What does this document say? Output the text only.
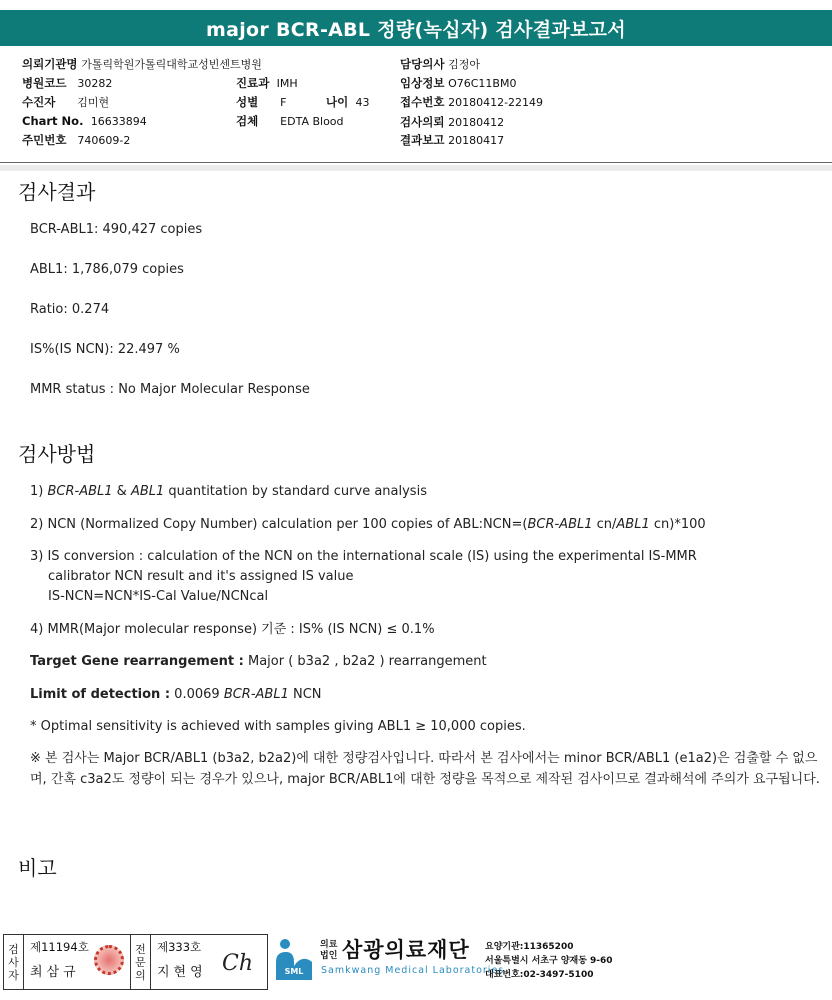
major BCR-ABL 정량(녹십자) 검사결과보고서
의뢰기관명 가톨릭학원가톨릭대학교성빈센트병원	담당의사 김정아
병원코드 30282	진료과 IMH	임상정보 O76C11BM0
수진자 김미현	성별 F	나이 43	접수번호 20180412-22149
Chart No. 16633894	검체 EDTA Blood	검사의뢰 20180412
주민번호 740609-2	결과보고 20180417
검사결과
BCR-ABL1: 490,427 copies
ABL1: 1,786,079 copies
Ratio: 0.274
IS%(IS NCN): 22.497 %
MMR status : No Major Molecular Response
검사방법
1) BCR-ABL1 & ABL1 quantitation by standard curve analysis
2) NCN (Normalized Copy Number) calculation per 100 copies of ABL:NCN=(BCR-ABL1 cn/ABL1 cn)*100
3) IS conversion : calculation of the NCN on the international scale (IS) using the experimental IS-MMR
calibrator NCN result and it's assigned IS value
IS-NCN=NCN*IS-Cal Value/NCNcal
4) MMR(Major molecular response) 기준 : IS% (IS NCN) ≤ 0.1%
Target Gene rearrangement : Major ( b3a2 , b2a2 ) rearrangement
Limit of detection : 0.0069 BCR-ABL1 NCN
* Optimal sensitivity is achieved with samples giving ABL1 ≥ 10,000 copies.
※ 본 검사는 Major BCR/ABL1 (b3a2, b2a2)에 대한 정량검사입니다. 따라서 본 검사에서는 minor BCR/ABL1 (e1a2)은 검출할 수 없으며, 간혹 c3a2도 정량이 되는 경우가 있으나, major BCR/ABL1에 대한 정량을 목적으로 제작된 검사이므로 결과해석에 주의가 요구됩니다.
비고
검
사
자
제11194호
최삼규
전
문
의
제333호
지현영 Ch	SML
의료
법인 삼광의료재단
Samkwang Medical Laboratories
요양기관:11365200
서울특별시 서초구 양재동 9-60
대표번호:02-3497-5100
